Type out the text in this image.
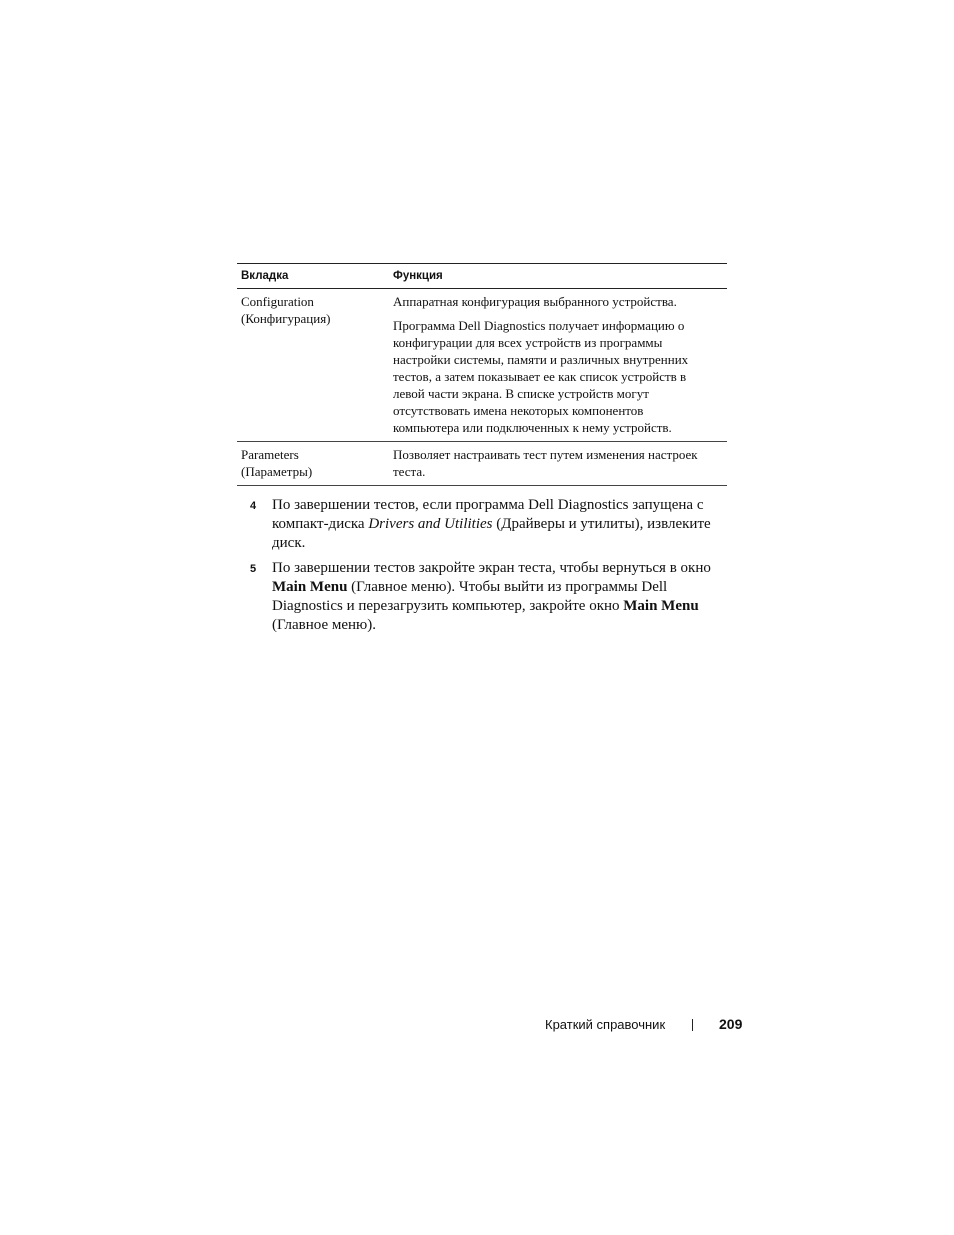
Вкладка	Функция
Configuration
(Конфигурация)

Аппаратная конфигурация выбранного устройства.

Программа Dell Diagnostics получает информацию о
конфигурации для всех устройств из программы
настройки системы, памяти и различных внутренних
тестов, а затем показывает ее как список устройств в
левой части экрана. В списке устройств могут
отсутствовать имена некоторых компонентов
компьютера или подключенных к нему устройств.

Parameters
(Параметры)

Позволяет настраивать тест путем изменения настроек
теста.

4 По завершении тестов, если программа Dell Diagnostics запущена с
компакт-диска Drivers and Utilities (Драйверы и утилиты), извлеките
диск.
5 По завершении тестов закройте экран теста, чтобы вернуться в окно
Main Menu (Главное меню). Чтобы выйти из программы Dell
Diagnostics и перезагрузить компьютер, закройте окно Main Menu
(Главное меню).
Краткий справочник	209
